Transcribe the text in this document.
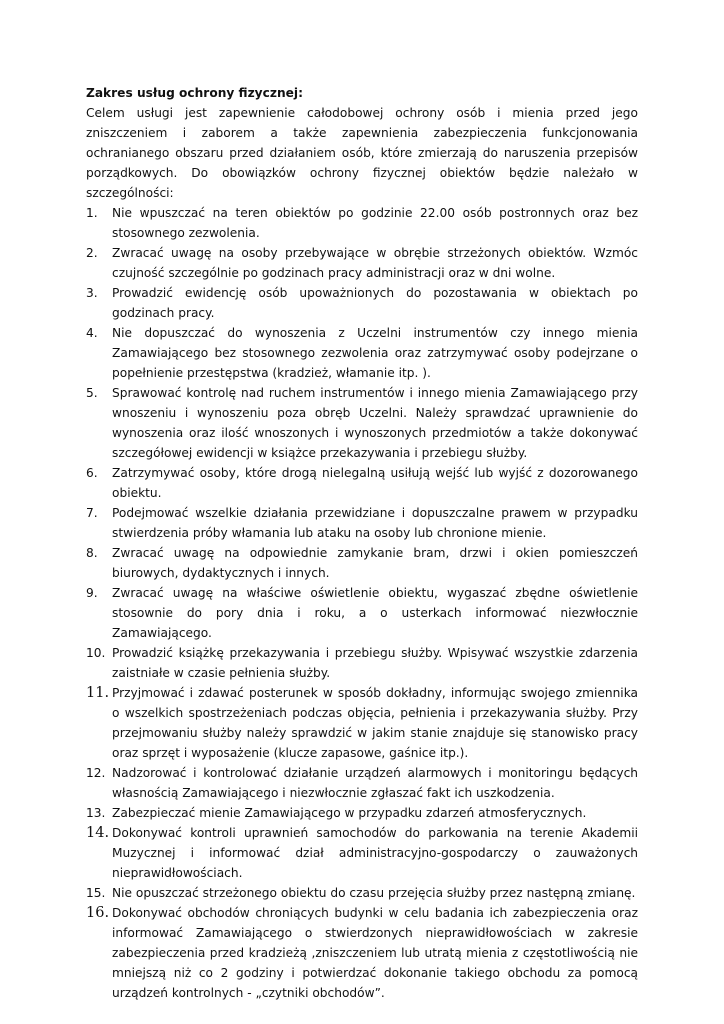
Zakres usług ochrony fizycznej:

Celem usługi jest zapewnienie całodobowej ochrony osób i mienia przed jego zniszczeniem i zaborem a także zapewnienia zabezpieczenia funkcjonowania ochranianego obszaru przed działaniem osób, które zmierzają do naruszenia przepisów porządkowych. Do obowiązków ochrony fizycznej obiektów będzie należało w szczególności:

1.	Nie wpuszczać na teren obiektów po godzinie 22.00 osób postronnych oraz bez stosownego zezwolenia.
2.	Zwracać uwagę na osoby przebywające w obrębie strzeżonych obiektów. Wzmóc czujność szczególnie po godzinach pracy administracji oraz w dni wolne.
3.	Prowadzić ewidencję osób upoważnionych do pozostawania w obiektach po godzinach pracy.
4.	Nie dopuszczać do wynoszenia z Uczelni instrumentów czy innego mienia Zamawiającego bez stosownego zezwolenia oraz zatrzymywać osoby podejrzane o popełnienie przestępstwa (kradzież, włamanie itp. ).
5.	Sprawować kontrolę nad ruchem instrumentów i innego mienia Zamawiającego przy wnoszeniu i wynoszeniu poza obręb Uczelni. Należy sprawdzać uprawnienie do wynoszenia oraz ilość wnoszonych i wynoszonych przedmiotów a także dokonywać szczegółowej ewidencji w książce przekazywania i przebiegu służby.
6.	Zatrzymywać osoby, które drogą nielegalną usiłują wejść lub wyjść z dozorowanego obiektu.
7.	Podejmować wszelkie działania przewidziane i dopuszczalne prawem w przypadku stwierdzenia próby włamania lub ataku na osoby lub chronione mienie.
8.	Zwracać uwagę na odpowiednie zamykanie bram, drzwi i okien pomieszczeń biurowych, dydaktycznych i innych.
9.	Zwracać uwagę na właściwe oświetlenie obiektu, wygaszać zbędne oświetlenie stosownie do pory dnia i roku, a o usterkach informować niezwłocznie Zamawiającego.
10. Prowadzić książkę przekazywania i przebiegu służby. Wpisywać wszystkie zdarzenia zaistniałe w czasie pełnienia służby.
11. Przyjmować i zdawać posterunek w sposób dokładny, informując swojego zmiennika o wszelkich spostrzeżeniach podczas objęcia, pełnienia i przekazywania służby. Przy przejmowaniu służby należy sprawdzić w jakim stanie znajduje się stanowisko pracy oraz sprzęt i wyposażenie (klucze zapasowe, gaśnice itp.).
12. Nadzorować i kontrolować działanie urządzeń alarmowych i monitoringu będących własnością Zamawiającego i niezwłocznie zgłaszać fakt ich uszkodzenia.
13. Zabezpieczać mienie Zamawiającego w przypadku zdarzeń atmosferycznych.
14. Dokonywać kontroli uprawnień samochodów do parkowania na terenie Akademii Muzycznej i informować dział administracyjno-gospodarczy o zauważonych nieprawidłowościach.
15. Nie opuszczać strzeżonego obiektu do czasu przejęcia służby przez następną zmianę.
16. Dokonywać obchodów chroniących budynki w celu badania ich zabezpieczenia oraz informować Zamawiającego o stwierdzonych nieprawidłowościach w zakresie zabezpieczenia przed kradzieżą ,zniszczeniem lub utratą mienia z częstotliwością nie mniejszą niż co 2 godziny i potwierdzać dokonanie takiego obchodu za pomocą urządzeń kontrolnych - „czytniki obchodów”.
